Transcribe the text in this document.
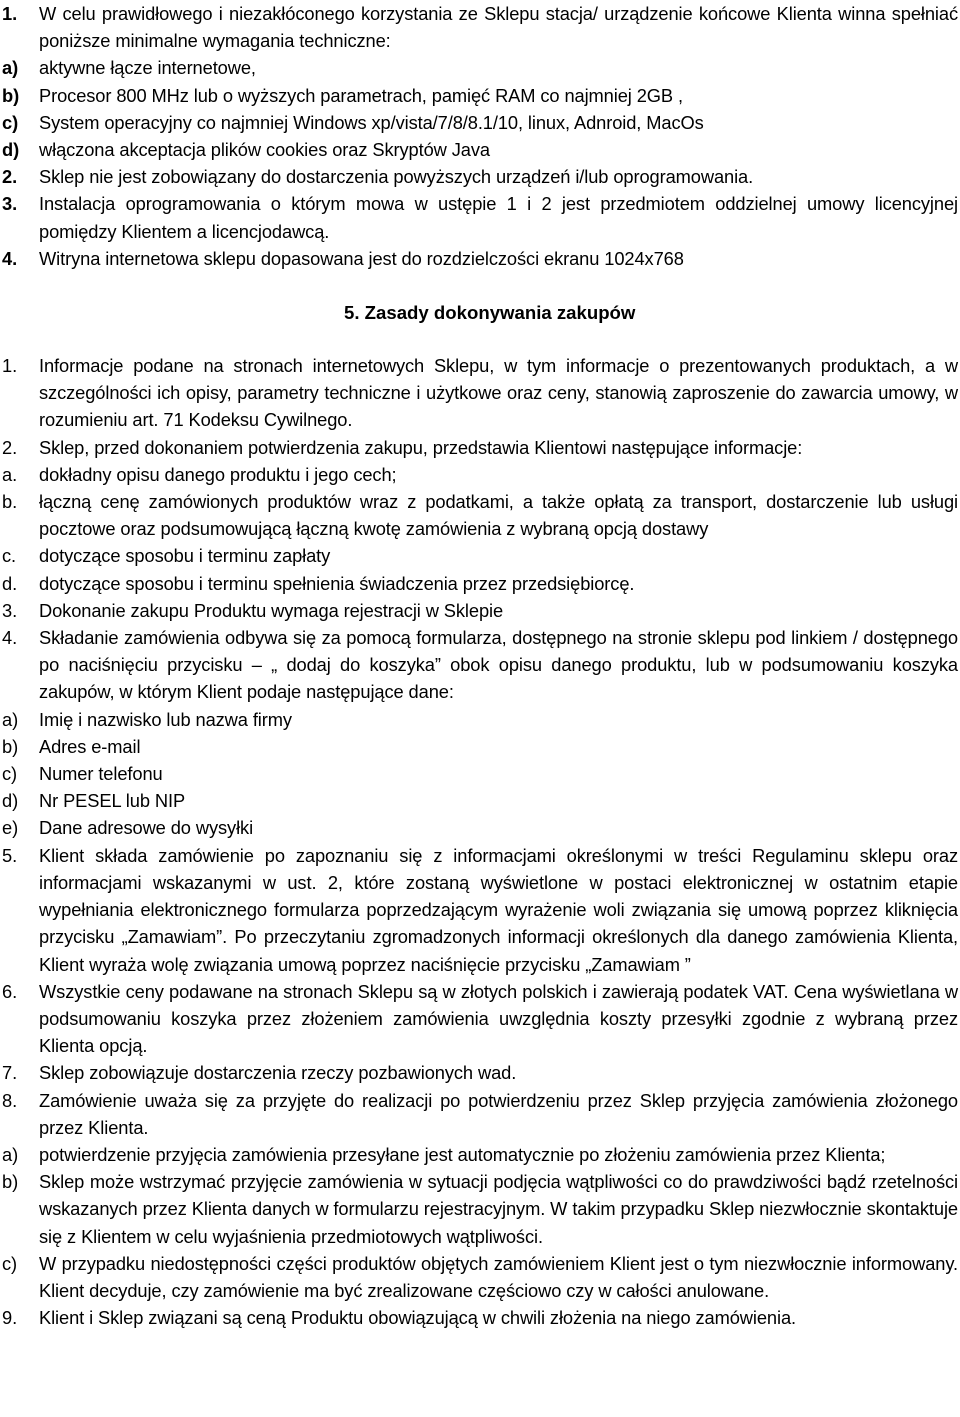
1. W celu prawidłowego i niezakłóconego korzystania ze Sklepu stacja/ urządzenie końcowe Klienta winna spełniać poniższe minimalne wymagania techniczne:
a) aktywne łącze internetowe,
b) Procesor 800 MHz lub o wyższych parametrach, pamięć RAM co najmniej 2GB ,
c) System operacyjny co najmniej Windows xp/vista/7/8/8.1/10, linux, Adnroid, MacOs
d) włączona akceptacja plików cookies oraz Skryptów Java
2. Sklep nie jest zobowiązany do dostarczenia powyższych urządzeń i/lub oprogramowania.
3. Instalacja oprogramowania o którym mowa w ustępie 1 i 2 jest przedmiotem oddzielnej umowy licencyjnej pomiędzy Klientem a licencjodawcą.
4. Witryna internetowa sklepu dopasowana jest do rozdzielczości ekranu 1024x768
5. Zasady dokonywania zakupów
1. Informacje podane na stronach internetowych Sklepu, w tym informacje o prezentowanych produktach, a w szczególności ich opisy, parametry techniczne i użytkowe oraz ceny, stanowią zaproszenie do zawarcia umowy, w rozumieniu art. 71 Kodeksu Cywilnego.
2. Sklep, przed dokonaniem potwierdzenia zakupu, przedstawia Klientowi następujące informacje:
a. dokładny opisu danego produktu i jego cech;
b. łączną cenę zamówionych produktów wraz z podatkami, a także opłatą za transport, dostarczenie lub usługi pocztowe oraz podsumowującą łączną kwotę zamówienia z wybraną opcją dostawy
c. dotyczące sposobu i terminu zapłaty
d. dotyczące sposobu i terminu spełnienia świadczenia przez przedsiębiorcę.
3. Dokonanie zakupu Produktu wymaga rejestracji w Sklepie
4. Składanie zamówienia odbywa się za pomocą formularza, dostępnego na stronie sklepu pod linkiem / dostępnego po naciśnięciu przycisku – „ dodaj do koszyka” obok opisu danego produktu, lub w podsumowaniu koszyka zakupów, w którym Klient podaje następujące dane:
a) Imię i nazwisko lub nazwa firmy
b) Adres e-mail
c) Numer telefonu
d) Nr PESEL lub NIP
e) Dane adresowe do wysyłki
5. Klient składa zamówienie po zapoznaniu się z informacjami określonymi w treści Regulaminu sklepu oraz informacjami wskazanymi w ust. 2, które zostaną wyświetlone w postaci elektronicznej w ostatnim etapie wypełniania elektronicznego formularza poprzedzającym wyrażenie woli związania się umową poprzez kliknięcia przycisku „Zamawiam”. Po przeczytaniu zgromadzonych informacji określonych dla danego zamówienia Klienta, Klient wyraża wolę związania umową poprzez naciśnięcie przycisku „Zamawiam ”
6. Wszystkie ceny podawane na stronach Sklepu są w złotych polskich i zawierają podatek VAT. Cena wyświetlana w podsumowaniu koszyka przez złożeniem zamówienia uwzględnia koszty przesyłki zgodnie z wybraną przez Klienta opcją.
7. Sklep zobowiązuje dostarczenia rzeczy pozbawionych wad.
8. Zamówienie uważa się za przyjęte do realizacji po potwierdzeniu przez Sklep przyjęcia zamówienia złożonego przez Klienta.
a) potwierdzenie przyjęcia zamówienia przesyłane jest automatycznie po złożeniu zamówienia przez Klienta;
b) Sklep może wstrzymać przyjęcie zamówienia w sytuacji podjęcia wątpliwości co do prawdziwości bądź rzetelności wskazanych przez Klienta danych w formularzu rejestracyjnym. W takim przypadku Sklep niezwłocznie skontaktuje się z Klientem w celu wyjaśnienia przedmiotowych wątpliwości.
c) W przypadku niedostępności części produktów objętych zamówieniem Klient jest o tym niezwłocznie informowany. Klient decyduje, czy zamówienie ma być zrealizowane częściowo czy w całości anulowane.
9. Klient i Sklep związani są ceną Produktu obowiązującą w chwili złożenia na niego zamówienia.
